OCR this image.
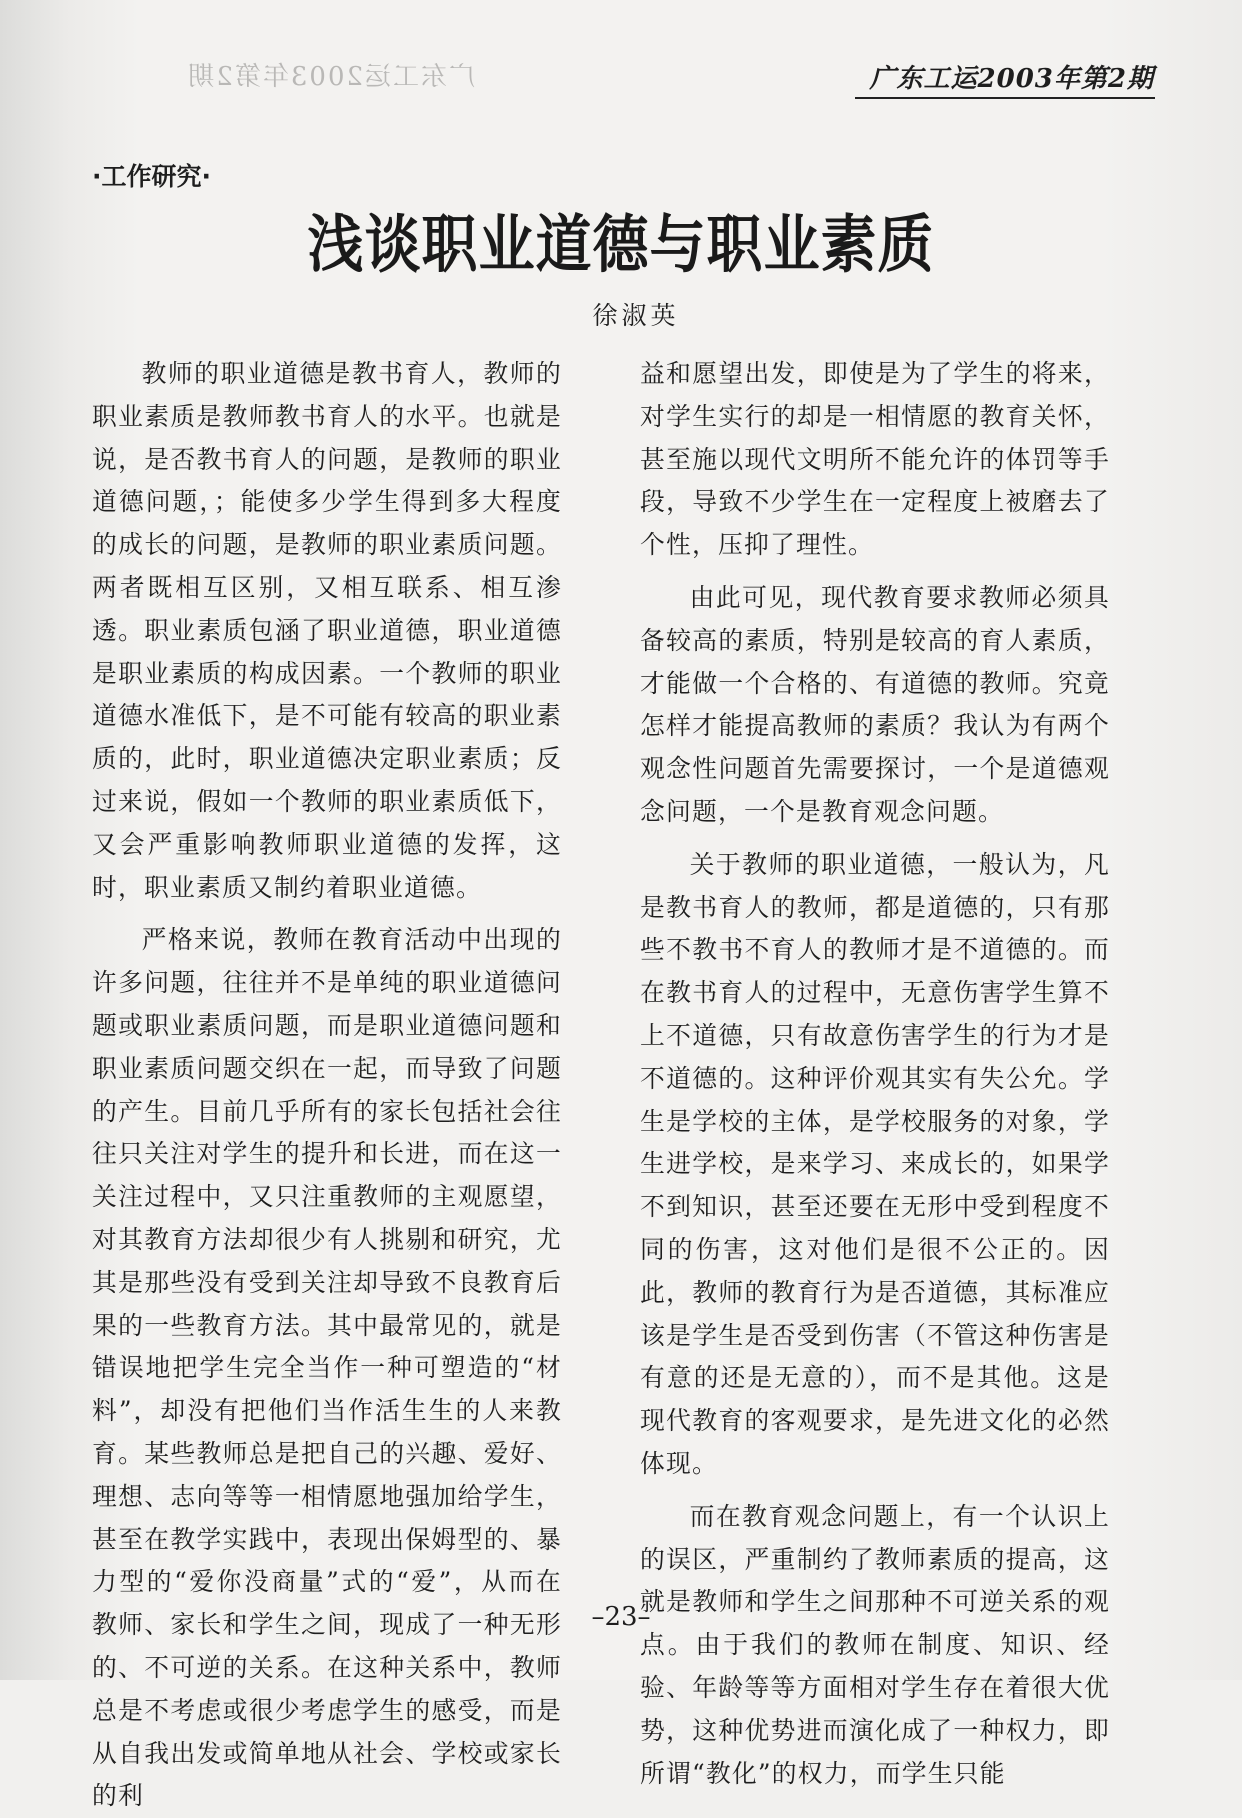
广东工运2003年第2期	广东工运2003年第2期
·工作研究·
浅谈职业道德与职业素质
徐淑英

教师的职业道德是教书育人，教师的职业素质是教师教书育人的水平。也就是说，是否教书育人的问题，是教师的职业道德问题，；能使多少学生得到多大程度的成长的问题，是教师的职业素质问题。两者既相互区别，又相互联系、相互渗透。职业素质包涵了职业道德，职业道德是职业素质的构成因素。一个教师的职业道德水准低下，是不可能有较高的职业素质的，此时，职业道德决定职业素质；反过来说，假如一个教师的职业素质低下，又会严重影响教师职业道德的发挥，这时，职业素质又制约着职业道德。

严格来说，教师在教育活动中出现的许多问题，往往并不是单纯的职业道德问题或职业素质问题，而是职业道德问题和职业素质问题交织在一起，而导致了问题的产生。目前几乎所有的家长包括社会往往只关注对学生的提升和长进，而在这一关注过程中，又只注重教师的主观愿望，对其教育方法却很少有人挑剔和研究，尤其是那些没有受到关注却导致不良教育后果的一些教育方法。其中最常见的，就是错误地把学生完全当作一种可塑造的“材料”，却没有把他们当作活生生的人来教育。某些教师总是把自己的兴趣、爱好、理想、志向等等一相情愿地强加给学生，甚至在教学实践中，表现出保姆型的、暴力型的“爱你没商量”式的“爱”，从而在教师、家长和学生之间，现成了一种无形的、不可逆的关系。在这种关系中，教师总是不考虑或很少考虑学生的感受，而是从自我出发或简单地从社会、学校或家长的利

益和愿望出发，即使是为了学生的将来，对学生实行的却是一相情愿的教育关怀，甚至施以现代文明所不能允许的体罚等手段，导致不少学生在一定程度上被磨去了个性，压抑了理性。

由此可见，现代教育要求教师必须具备较高的素质，特别是较高的育人素质，才能做一个合格的、有道德的教师。究竟怎样才能提高教师的素质？我认为有两个观念性问题首先需要探讨，一个是道德观念问题，一个是教育观念问题。

关于教师的职业道德，一般认为，凡是教书育人的教师，都是道德的，只有那些不教书不育人的教师才是不道德的。而在教书育人的过程中，无意伤害学生算不上不道德，只有故意伤害学生的行为才是不道德的。这种评价观其实有失公允。学生是学校的主体，是学校服务的对象，学生进学校，是来学习、来成长的，如果学不到知识，甚至还要在无形中受到程度不同的伤害，这对他们是很不公正的。因此，教师的教育行为是否道德，其标准应该是学生是否受到伤害（不管这种伤害是有意的还是无意的），而不是其他。这是现代教育的客观要求，是先进文化的必然体现。

而在教育观念问题上，有一个认识上的误区，严重制约了教师素质的提高，这就是教师和学生之间那种不可逆关系的观点。由于我们的教师在制度、知识、经验、年龄等等方面相对学生存在着很大优势，这种优势进而演化成了一种权力，即所谓“教化”的权力，而学生只能

–23–
